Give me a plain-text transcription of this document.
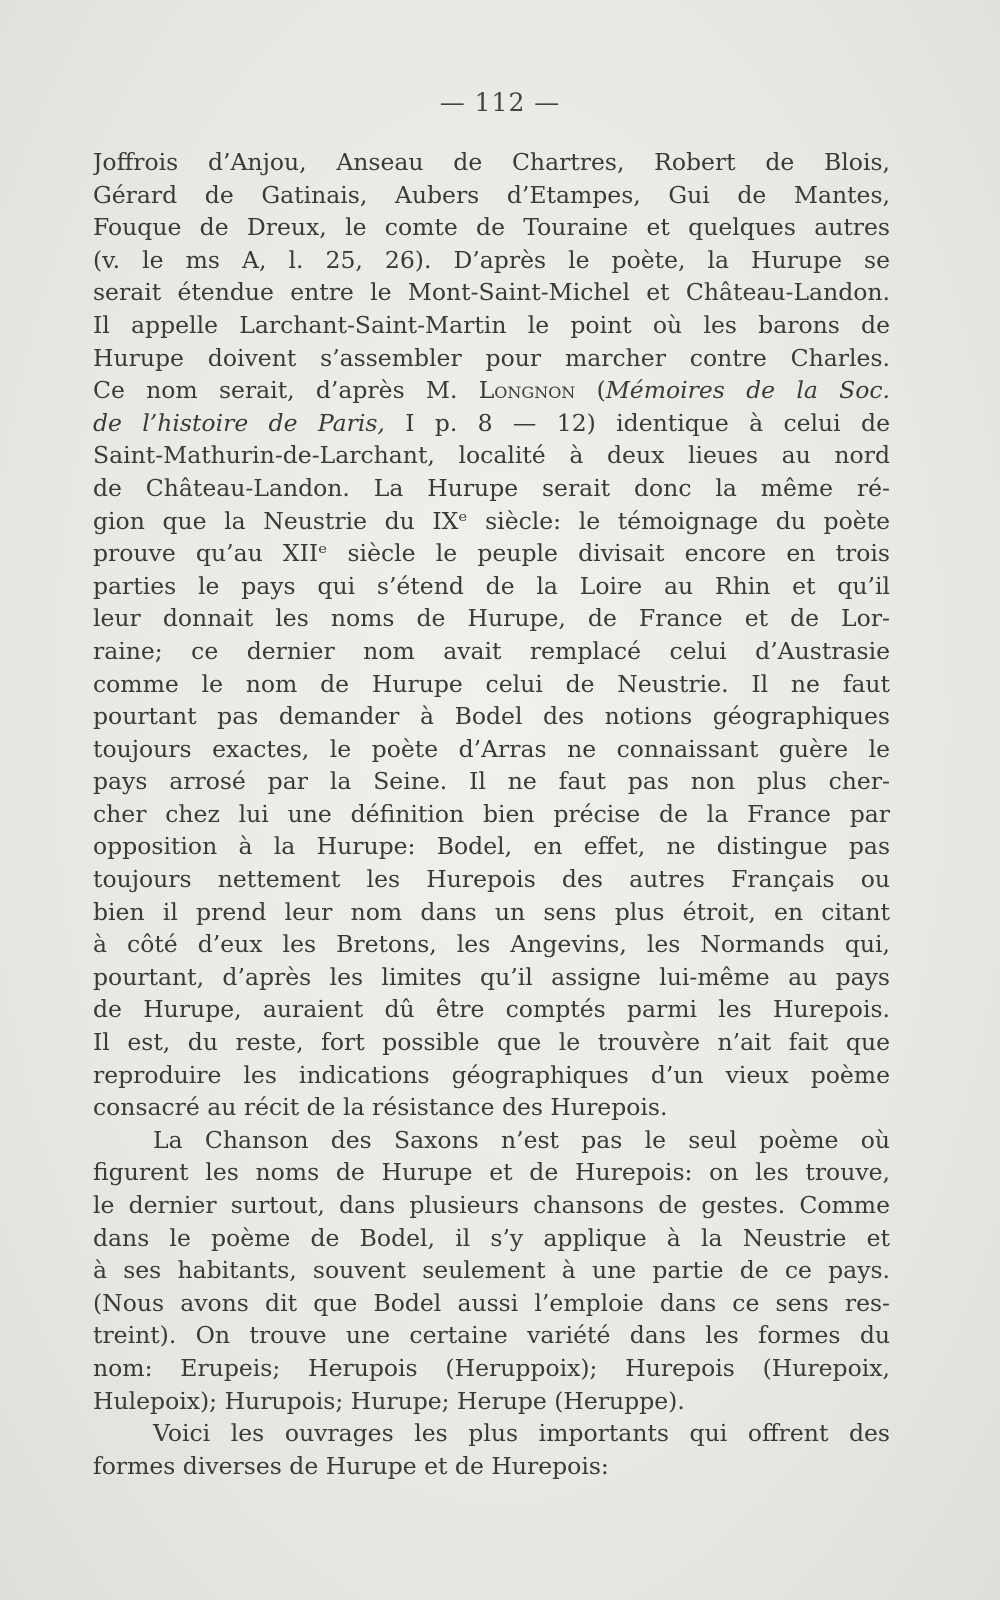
— 112 —
Joffrois d’Anjou, Anseau de Chartres, Robert de Blois,
Gérard de Gatinais, Aubers d’Etampes, Gui de Mantes,
Fouque de Dreux, le comte de Touraine et quelques autres
(v. le ms A, l. 25, 26). D’après le poète, la Hurupe se
serait étendue entre le Mont-Saint-Michel et Château-Landon.
Il appelle Larchant-Saint-Martin le point où les barons de
Hurupe doivent s’assembler pour marcher contre Charles.
Ce nom serait, d’après M. Longnon (Mémoires de la Soc.
de l’histoire de Paris, I p. 8 — 12) identique à celui de
Saint-Mathurin-de-Larchant, localité à deux lieues au nord
de Château-Landon. La Hurupe serait donc la même ré-
gion que la Neustrie du IXᵉ siècle: le témoignage du poète
prouve qu’au XIIᵉ siècle le peuple divisait encore en trois
parties le pays qui s’étend de la Loire au Rhin et qu’il
leur donnait les noms de Hurupe, de France et de Lor-
raine; ce dernier nom avait remplacé celui d’Austrasie
comme le nom de Hurupe celui de Neustrie. Il ne faut
pourtant pas demander à Bodel des notions géographiques
toujours exactes, le poète d’Arras ne connaissant guère le
pays arrosé par la Seine. Il ne faut pas non plus cher-
cher chez lui une définition bien précise de la France par
opposition à la Hurupe: Bodel, en effet, ne distingue pas
toujours nettement les Hurepois des autres Français ou
bien il prend leur nom dans un sens plus étroit, en citant
à côté d’eux les Bretons, les Angevins, les Normands qui,
pourtant, d’après les limites qu’il assigne lui-même au pays
de Hurupe, auraient dû être comptés parmi les Hurepois.
Il est, du reste, fort possible que le trouvère n’ait fait que
reproduire les indications géographiques d’un vieux poème
consacré au récit de la résistance des Hurepois.
La Chanson des Saxons n’est pas le seul poème où
figurent les noms de Hurupe et de Hurepois: on les trouve,
le dernier surtout, dans plusieurs chansons de gestes. Comme
dans le poème de Bodel, il s’y applique à la Neustrie et
à ses habitants, souvent seulement à une partie de ce pays.
(Nous avons dit que Bodel aussi l’emploie dans ce sens res-
treint). On trouve une certaine variété dans les formes du
nom: Erupeis; Herupois (Heruppoix); Hurepois (Hurepoix,
Hulepoix); Hurupois; Hurupe; Herupe (Heruppe).
Voici les ouvrages les plus importants qui offrent des
formes diverses de Hurupe et de Hurepois:
